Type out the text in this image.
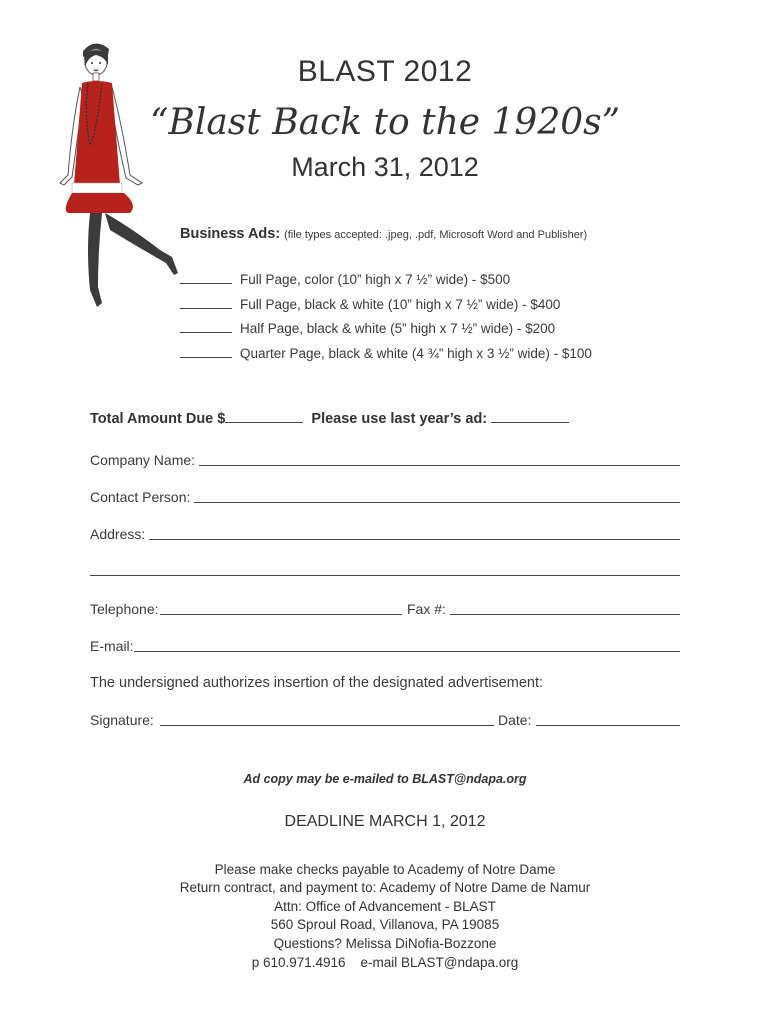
BLAST 2012
“Blast Back to the 1920s”
March 31, 2012
Business Ads: (file types accepted: .jpeg, .pdf, Microsoft Word and Publisher)
Full Page, color (10” high x 7 ½” wide) - $500
Full Page, black & white (10” high x 7 ½” wide) - $400
Half Page, black & white (5” high x 7 ½” wide) - $200
Quarter Page, black & white (4 ¾” high x 3 ½” wide) - $100
Total Amount Due $	Please use last year’s ad:
Company Name:
Contact Person:
Address:
Telephone:	Fax #:
E-mail:
The undersigned authorizes insertion of the designated advertisement:
Signature:	Date:
Ad copy may be e-mailed to BLAST@ndapa.org
DEADLINE MARCH 1, 2012
Please make checks payable to Academy of Notre Dame
Return contract, and payment to: Academy of Notre Dame de Namur
Attn: Office of Advancement - BLAST
560 Sproul Road, Villanova, PA 19085
Questions? Melissa DiNofia-Bozzone
p 610.971.4916    e-mail BLAST@ndapa.org
